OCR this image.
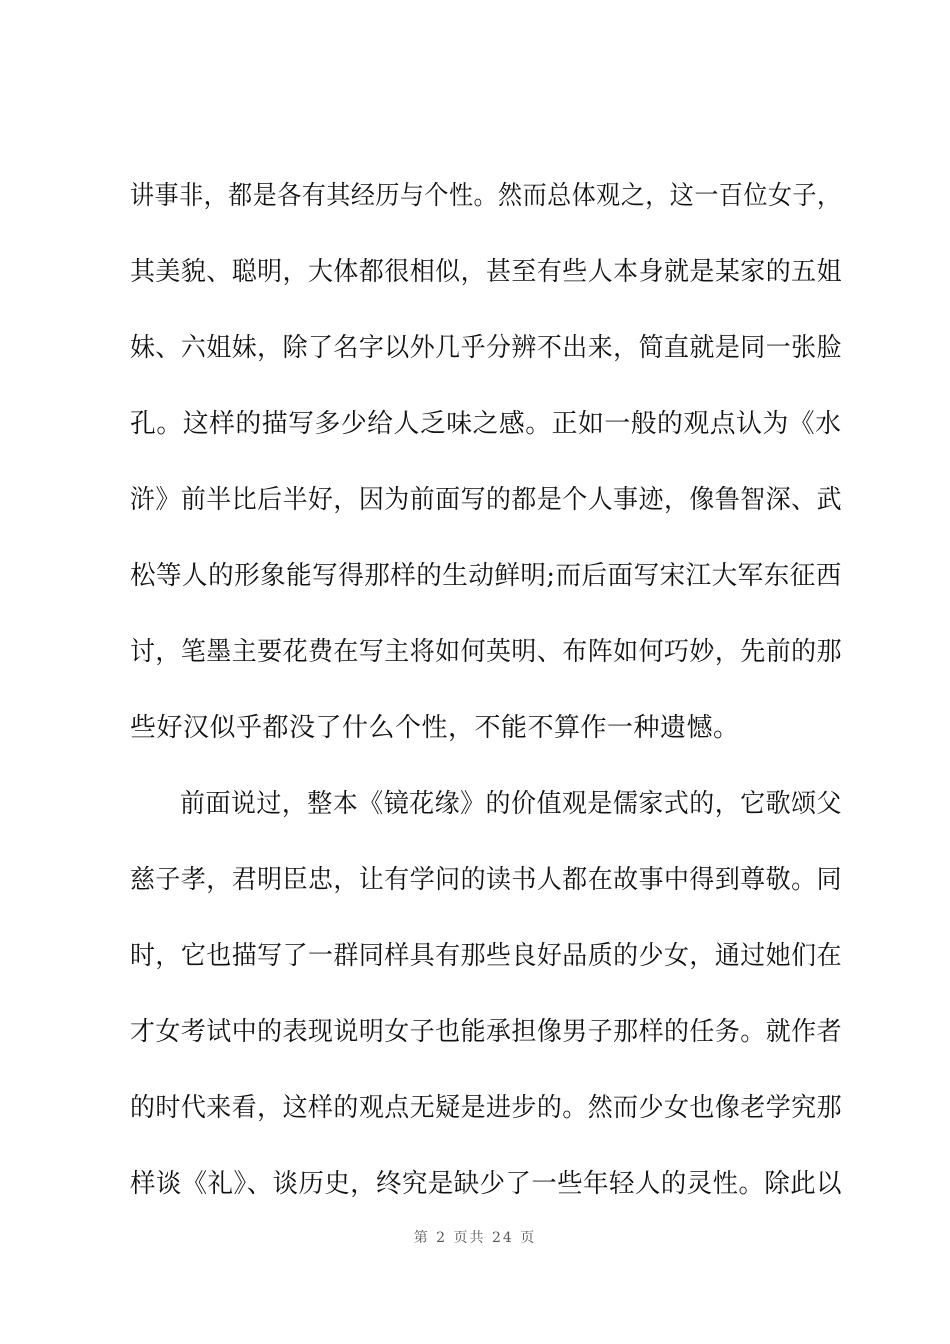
讲事非，都是各有其经历与个性。然而总体观之，这一百位女子，
其美貌、聪明，大体都很相似，甚至有些人本身就是某家的五姐
妹、六姐妹，除了名字以外几乎分辨不出来，简直就是同一张脸
孔。这样的描写多少给人乏味之感。正如一般的观点认为《水
浒》前半比后半好，因为前面写的都是个人事迹，像鲁智深、武
松等人的形象能写得那样的生动鲜明;而后面写宋江大军东征西
讨，笔墨主要花费在写主将如何英明、布阵如何巧妙，先前的那
些好汉似乎都没了什么个性，不能不算作一种遗憾。
前面说过，整本《镜花缘》的价值观是儒家式的，它歌颂父
慈子孝，君明臣忠，让有学问的读书人都在故事中得到尊敬。同
时，它也描写了一群同样具有那些良好品质的少女，通过她们在
才女考试中的表现说明女子也能承担像男子那样的任务。就作者
的时代来看，这样的观点无疑是进步的。然而少女也像老学究那
样谈《礼》、谈历史，终究是缺少了一些年轻人的灵性。除此以
第 2 页共 24 页
